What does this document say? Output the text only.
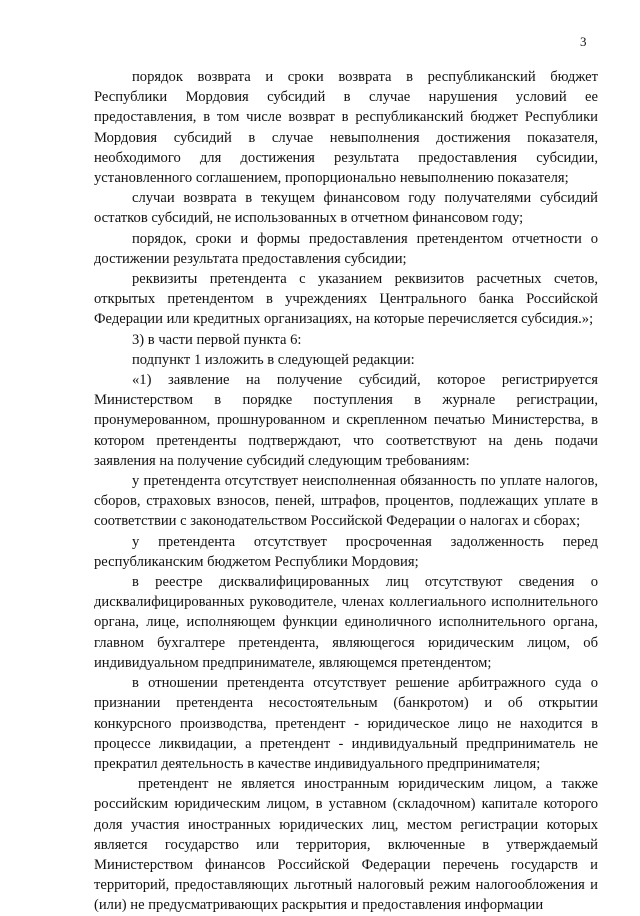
3

порядок возврата и сроки возврата в республиканский бюджет Республики Мордовия субсидий в случае нарушения условий ее предоставления, в том числе возврат в республиканский бюджет Республики Мордовия субсидий в случае невыполнения достижения показателя, необходимого для достижения результата предоставления субсидии, установленного соглашением, пропорционально невыполнению показателя;

случаи возврата в текущем финансовом году получателями субсидий остатков субсидий, не использованных в отчетном финансовом году;

порядок, сроки и формы предоставления претендентом отчетности о достижении результата предоставления субсидии;

реквизиты претендента с указанием реквизитов расчетных счетов, открытых претендентом в учреждениях Центрального банка Российской Федерации или кредитных организациях, на которые перечисляется субсидия.»;

3) в части первой пункта 6:

подпункт 1 изложить в следующей редакции:

«1) заявление на получение субсидий, которое регистрируется Министерством в порядке поступления в журнале регистрации, пронумерованном, прошнурованном и скрепленном печатью Министерства, в котором претенденты подтверждают, что соответствуют на день подачи заявления на получение субсидий следующим требованиям:

у претендента отсутствует неисполненная обязанность по уплате налогов, сборов, страховых взносов, пеней, штрафов, процентов, подлежащих уплате в соответствии с законодательством Российской Федерации о налогах и сборах;

у претендента отсутствует просроченная задолженность перед республиканским бюджетом Республики Мордовия;

в реестре дисквалифицированных лиц отсутствуют сведения о дисквалифицированных руководителе, членах коллегиального исполнительного органа, лице, исполняющем функции единоличного исполнительного органа, главном бухгалтере претендента, являющегося юридическим лицом, об индивидуальном предпринимателе, являющемся претендентом;

в отношении претендента отсутствует решение арбитражного суда о признании претендента несостоятельным (банкротом) и об открытии конкурсного производства, претендент - юридическое лицо не находится в процессе ликвидации, а претендент - индивидуальный предприниматель не прекратил деятельность в качестве индивидуального предпринимателя;

претендент не является иностранным юридическим лицом, а также российским юридическим лицом, в уставном (складочном) капитале которого доля участия иностранных юридических лиц, местом регистрации которых является государство или территория, включенные в утверждаемый Министерством финансов Российской Федерации перечень государств и территорий, предоставляющих льготный налоговый режим налогообложения и (или) не предусматривающих раскрытия и предоставления информации
